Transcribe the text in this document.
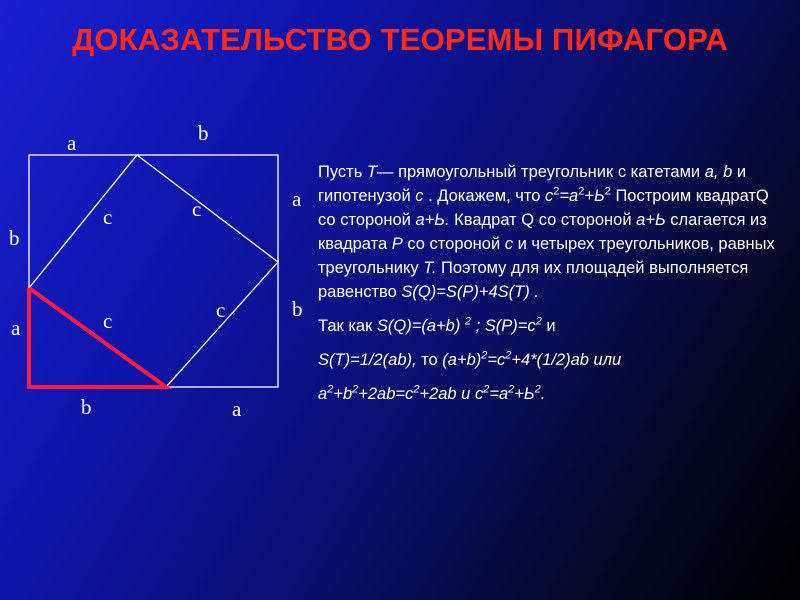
ДОКАЗАТЕЛЬСТВО ТЕОРЕМЫ ПИФАГОРА
a	b
b
a
a
b
b	a
c	c
c	c

Пусть T— прямоугольный треугольник с катетами a, b и гипотенузой c . Докажем, что $c^2=a^2+Ь^2$ Построим квадратQ со стороной a+Ь. Квадрат Q со стороной a+Ь слагается из квадрата P со стороной c и четырех треугольников, равных треугольнику T. Поэтому для их площадей выполняется равенство S(Q)=S(P)+4S(T) .

Так как S(Q)=(a+b) $^2$ ; $S(P)=c^2$ и

S(T)=1/2(ab), то $(a+b)^2=c^2+4*(1/2)ab$ или

$a^2+b^2+2ab=c^2+2ab$ и $c^2=a^2+Ь^2$.
